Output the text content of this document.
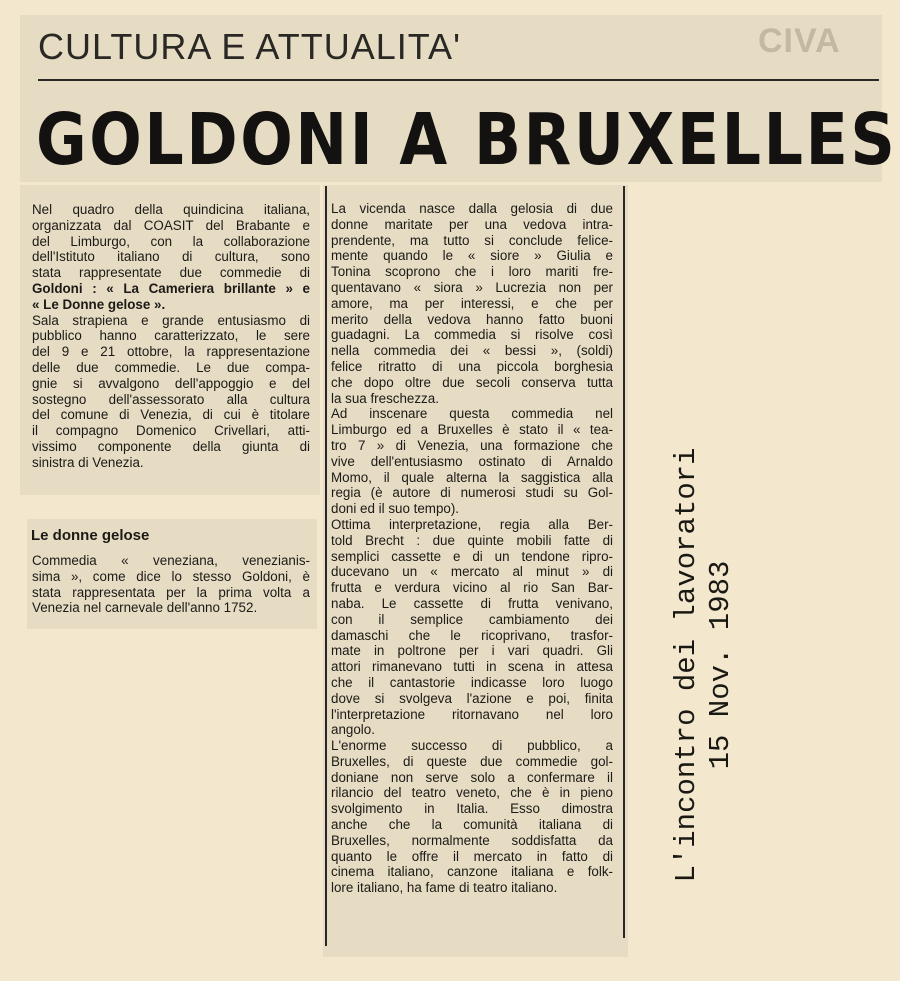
CIVA
CULTURA E ATTUALITA'
GOLDONI A BRUXELLES
Nel quadro della quindicina italiana,
organizzata dal COASIT del Brabante e
del Limburgo, con la collaborazione
dell'Istituto italiano di cultura, sono
stata rappresentate due commedie di
Goldoni : « La Cameriera brillante » e
« Le Donne gelose ».
Sala strapiena e grande entusiasmo di
pubblico hanno caratterizzato, le sere
del 9 e 21 ottobre, la rappresentazione
delle due commedie. Le due compa-
gnie si avvalgono dell'appoggio e del
sostegno dell'assessorato alla cultura
del comune di Venezia, di cui è titolare
il compagno Domenico Crivellari, atti-
vissimo componente della giunta di
sinistra di Venezia.
Le donne gelose
Commedia « veneziana, venezianis-
sima », come dice lo stesso Goldoni, è
stata rappresentata per la prima volta a
Venezia nel carnevale dell'anno 1752.
La vicenda nasce dalla gelosia di due
donne maritate per una vedova intra-
prendente, ma tutto si conclude felice-
mente quando le « siore » Giulia e
Tonina scoprono che i loro mariti fre-
quentavano « siora » Lucrezia non per
amore, ma per interessi, e che per
merito della vedova hanno fatto buoni
guadagni. La commedia si risolve così
nella commedia dei « bessi », (soldi)
felice ritratto di una piccola borghesia
che dopo oltre due secoli conserva tutta
la sua freschezza.
Ad inscenare questa commedia nel
Limburgo ed a Bruxelles è stato il « tea-
tro 7 » di Venezia, una formazione che
vive dell'entusiasmo ostinato di Arnaldo
Momo, il quale alterna la saggistica alla
regia (è autore di numerosi studi su Gol-
doni ed il suo tempo).
Ottima interpretazione, regia alla Ber-
told Brecht : due quinte mobili fatte di
semplici cassette e di un tendone ripro-
ducevano un « mercato al minut » di
frutta e verdura vicino al rio San Bar-
naba. Le cassette di frutta venivano,
con il semplice cambiamento dei
damaschi che le ricoprivano, trasfor-
mate in poltrone per i vari quadri. Gli
attori rimanevano tutti in scena in attesa
che il cantastorie indicasse loro luogo
dove si svolgeva l'azione e poi, finita
l'interpretazione ritornavano nel loro
angolo.
L'enorme successo di pubblico, a
Bruxelles, di queste due commedie gol-
doniane non serve solo a confermare il
rilancio del teatro veneto, che è in pieno
svolgimento in Italia. Esso dimostra
anche che la comunità italiana di
Bruxelles, normalmente soddisfatta da
quanto le offre il mercato in fatto di
cinema italiano, canzone italiana e folk-
lore italiano, ha fame di teatro italiano.
L'incontro dei lavoratori 15 Nov. 1983
